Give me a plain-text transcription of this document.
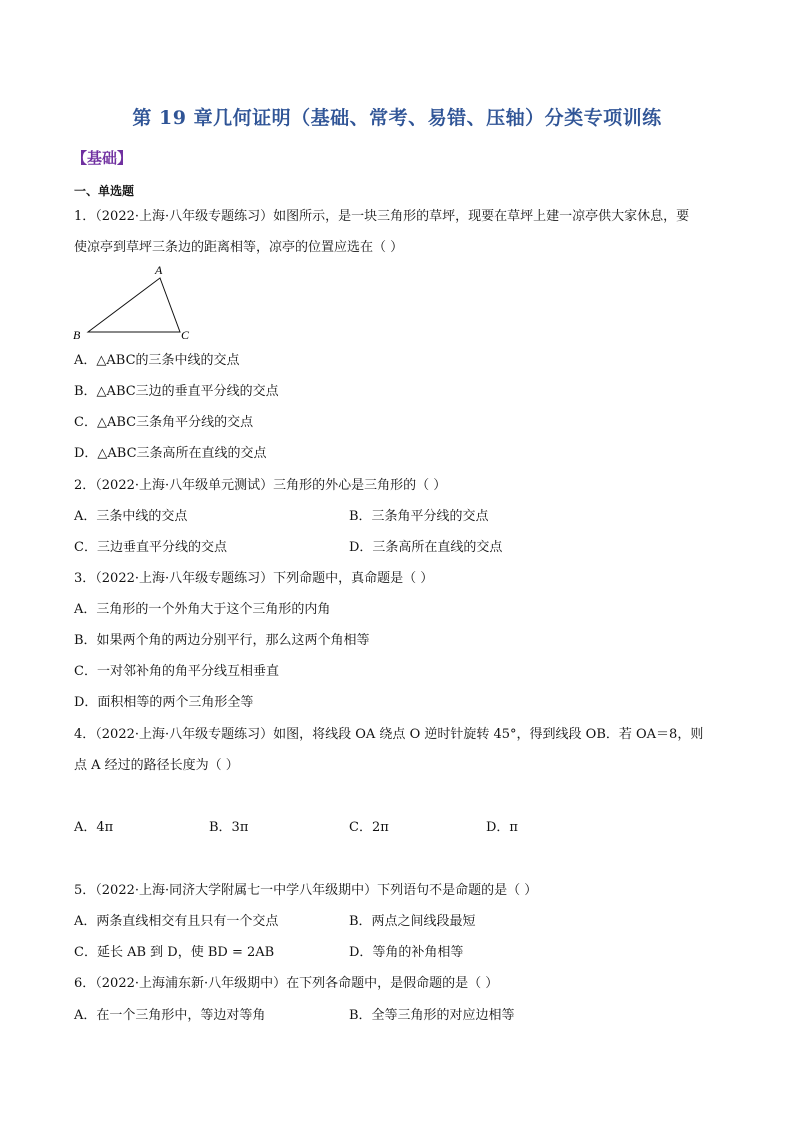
第 19 章几何证明（基础、常考、易错、压轴）分类专项训练
【基础】
一、单选题
1．（2022·上海·八年级专题练习）如图所示，是一块三角形的草坪，现要在草坪上建一凉亭供大家休息，要
使凉亭到草坪三条边的距离相等，凉亭的位置应选在（ ）
A
B	C
A．△ABC的三条中线的交点
B．△ABC三边的垂直平分线的交点
C．△ABC三条角平分线的交点
D．△ABC三条高所在直线的交点
2．（2022·上海·八年级单元测试）三角形的外心是三角形的（ ）
A．三条中线的交点	B．三条角平分线的交点
C．三边垂直平分线的交点	D．三条高所在直线的交点
3．（2022·上海·八年级专题练习）下列命题中，真命题是（ ）
A．三角形的一个外角大于这个三角形的内角
B．如果两个角的两边分别平行，那么这两个角相等
C．一对邻补角的角平分线互相垂直
D．面积相等的两个三角形全等
4．（2022·上海·八年级专题练习）如图，将线段 OA 绕点 O 逆时针旋转 45°，得到线段 OB．若 OA＝8，则
点 A 经过的路径长度为（ ）
A．4π	B．3π	C．2π	D．π
5．（2022·上海·同济大学附属七一中学八年级期中）下列语句不是命题的是（ ）
A．两条直线相交有且只有一个交点	B．两点之间线段最短
C．延长 AB 到 D，使 BD = 2AB	D．等角的补角相等
6．（2022·上海浦东新·八年级期中）在下列各命题中，是假命题的是（ ）
A．在一个三角形中，等边对等角	B．全等三角形的对应边相等
